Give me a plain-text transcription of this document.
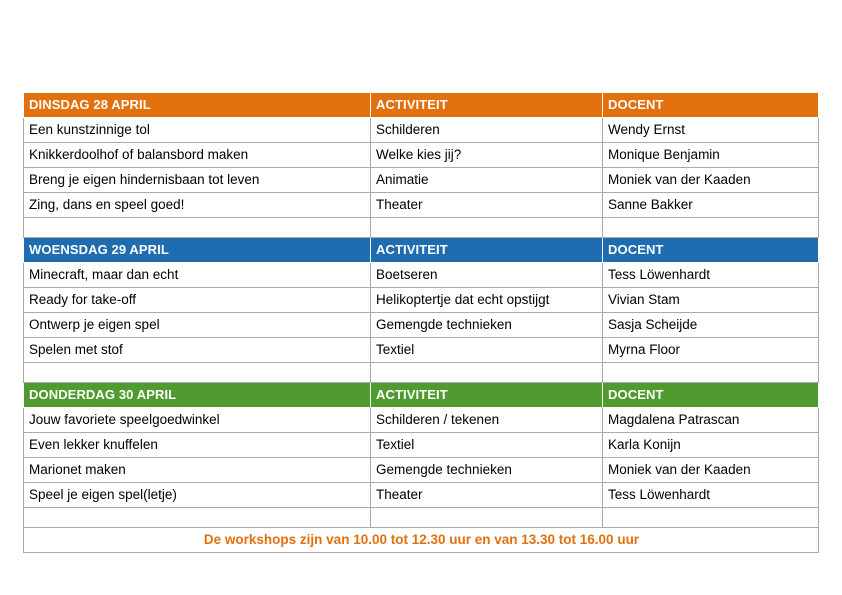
DINSDAG 28 APRIL	ACTIVITEIT	DOCENT
Een kunstzinnige tol	Schilderen	Wendy Ernst
Knikkerdoolhof of balansbord maken	Welke kies jij?	Monique Benjamin
Breng je eigen hindernisbaan tot leven	Animatie	Moniek van der Kaaden
Zing, dans en speel goed!	Theater	Sanne Bakker

WOENSDAG 29 APRIL	ACTIVITEIT	DOCENT
Minecraft, maar dan echt	Boetseren	Tess Löwenhardt
Ready for take-off	Helikoptertje dat echt opstijgt	Vivian Stam
Ontwerp je eigen spel	Gemengde technieken	Sasja Scheijde
Spelen met stof	Textiel	Myrna Floor

DONDERDAG 30 APRIL	ACTIVITEIT	DOCENT
Jouw favoriete speelgoedwinkel	Schilderen / tekenen	Magdalena Patrascan
Even lekker knuffelen	Textiel	Karla Konijn
Marionet maken	Gemengde technieken	Moniek van der Kaaden
Speel je eigen spel(letje)	Theater	Tess Löwenhardt

De workshops zijn van 10.00 tot 12.30 uur en van 13.30 tot 16.00 uur		
